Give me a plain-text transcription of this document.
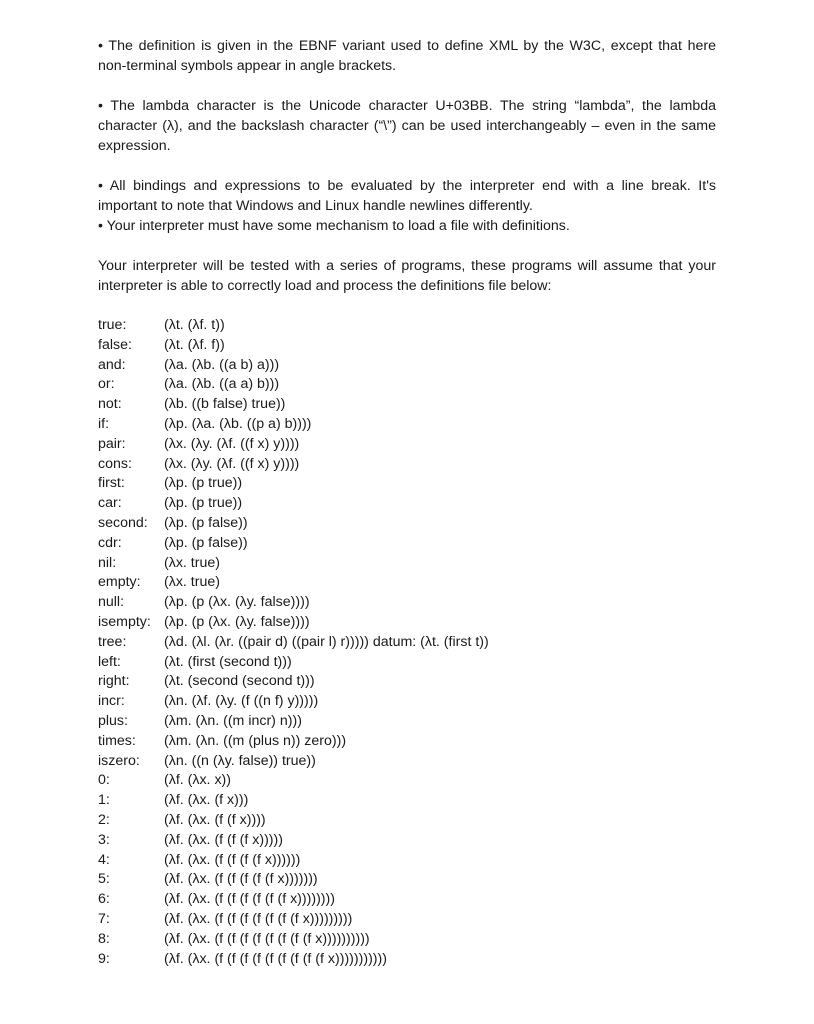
• The definition is given in the EBNF variant used to define XML by the W3C, except that here non-terminal symbols appear in angle brackets.

• The lambda character is the Unicode character U+03BB. The string “lambda”, the lambda character (λ), and the backslash character (“\”) can be used interchangeably – even in the same expression.

• All bindings and expressions to be evaluated by the interpreter end with a line break. It's important to note that Windows and Linux handle newlines differently.

• Your interpreter must have some mechanism to load a file with definitions.

Your interpreter will be tested with a series of programs, these programs will assume that your interpreter is able to correctly load and process the definitions file below:

true:	(λt. (λf. t))
false:	(λt. (λf. f))
and:	(λa. (λb. ((a b) a)))
or:	(λa. (λb. ((a a) b)))
not:	(λb. ((b false) true))
if:	(λp. (λa. (λb. ((p a) b))))
pair:	(λx. (λy. (λf. ((f x) y))))
cons:	(λx. (λy. (λf. ((f x) y))))
first:	(λp. (p true))
car:	(λp. (p true))
second:	(λp. (p false))
cdr:	(λp. (p false))
nil:	(λx. true)
empty:	(λx. true)
null:	(λp. (p (λx. (λy. false))))
isempty: (λp. (p (λx. (λy. false))))
tree:	(λd. (λl. (λr. ((pair d) ((pair l) r))))) datum: (λt. (first t))
left:	(λt. (first (second t)))
right:	(λt. (second (second t)))
incr:	(λn. (λf. (λy. (f ((n f) y)))))
plus:	(λm. (λn. ((m incr) n)))
times:	(λm. (λn. ((m (plus n)) zero)))
iszero:	(λn. ((n (λy. false)) true))
0:	(λf. (λx. x))
1:	(λf. (λx. (f x)))
2:	(λf. (λx. (f (f x))))
3:	(λf. (λx. (f (f (f x)))))
4:	(λf. (λx. (f (f (f (f x))))))
5:	(λf. (λx. (f (f (f (f (f x)))))))
6:	(λf. (λx. (f (f (f (f (f (f x))))))))
7:	(λf. (λx. (f (f (f (f (f (f (f x)))))))))
8:	(λf. (λx. (f (f (f (f (f (f (f (f x))))))))))
9:	(λf. (λx. (f (f (f (f (f (f (f (f (f x)))))))))))
